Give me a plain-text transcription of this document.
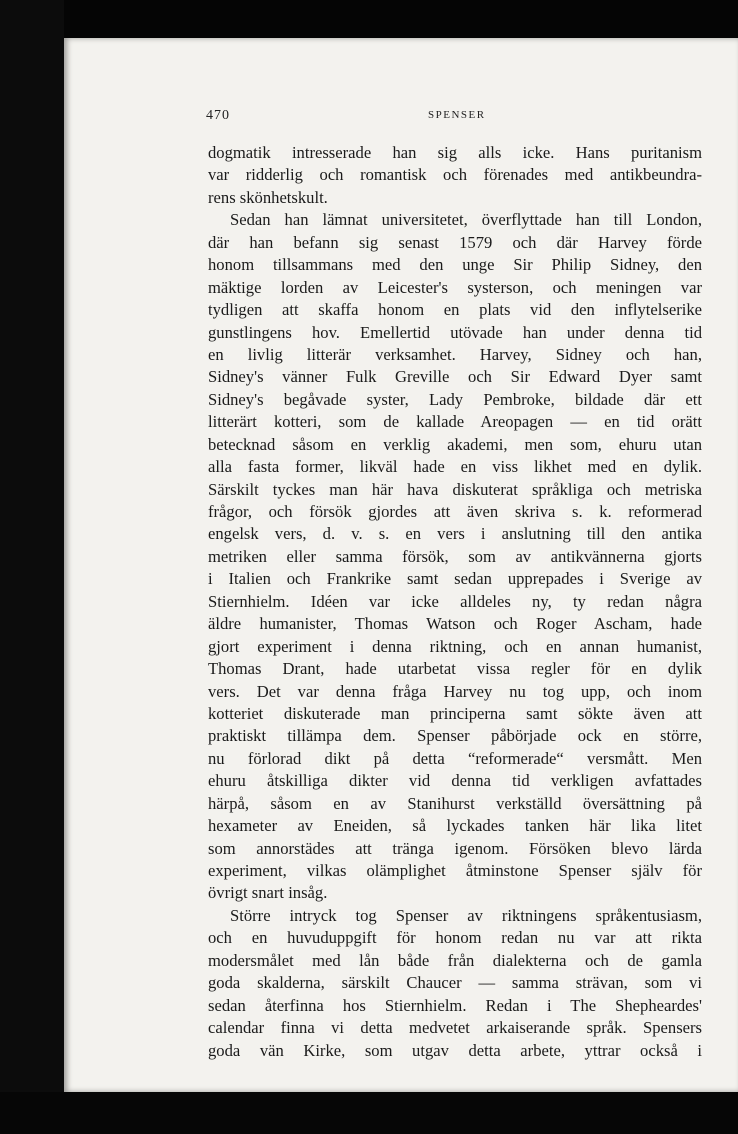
470	SPENSER
dogmatik intresserade han sig alls icke. Hans puritanism
var ridderlig och romantisk och förenades med antikbeundra-
rens skönhetskult.
Sedan han lämnat universitetet, överflyttade han till London,
där han befann sig senast 1579 och där Harvey förde
honom tillsammans med den unge Sir Philip Sidney, den
mäktige lorden av Leicester's systerson, och meningen var
tydligen att skaffa honom en plats vid den inflytelserike
gunstlingens hov. Emellertid utövade han under denna tid
en livlig litterär verksamhet. Harvey, Sidney och han,
Sidney's vänner Fulk Greville och Sir Edward Dyer samt
Sidney's begåvade syster, Lady Pembroke, bildade där ett
litterärt kotteri, som de kallade Areopagen — en tid orätt
betecknad såsom en verklig akademi, men som, ehuru utan
alla fasta former, likväl hade en viss likhet med en dylik.
Särskilt tyckes man här hava diskuterat språkliga och metriska
frågor, och försök gjordes att även skriva s. k. reformerad
engelsk vers, d. v. s. en vers i anslutning till den antika
metriken eller samma försök, som av antikvännerna gjorts
i Italien och Frankrike samt sedan upprepades i Sverige av
Stiernhielm. Idéen var icke alldeles ny, ty redan några
äldre humanister, Thomas Watson och Roger Ascham, hade
gjort experiment i denna riktning, och en annan humanist,
Thomas Drant, hade utarbetat vissa regler för en dylik
vers. Det var denna fråga Harvey nu tog upp, och inom
kotteriet diskuterade man principerna samt sökte även att
praktiskt tillämpa dem. Spenser påbörjade ock en större,
nu förlorad dikt på detta “reformerade“ versmått. Men
ehuru åtskilliga dikter vid denna tid verkligen avfattades
härpå, såsom en av Stanihurst verkställd översättning på
hexameter av Eneiden, så lyckades tanken här lika litet
som annorstädes att tränga igenom. Försöken blevo lärda
experiment, vilkas olämplighet åtminstone Spenser själv för
övrigt snart insåg.
Större intryck tog Spenser av riktningens språkentusiasm,
och en huvuduppgift för honom redan nu var att rikta
modersmålet med lån både från dialekterna och de gamla
goda skalderna, särskilt Chaucer — samma strävan, som vi
sedan återfinna hos Stiernhielm. Redan i The Shepheardes'
calendar finna vi detta medvetet arkaiserande språk. Spensers
goda vän Kirke, som utgav detta arbete, yttrar också i
